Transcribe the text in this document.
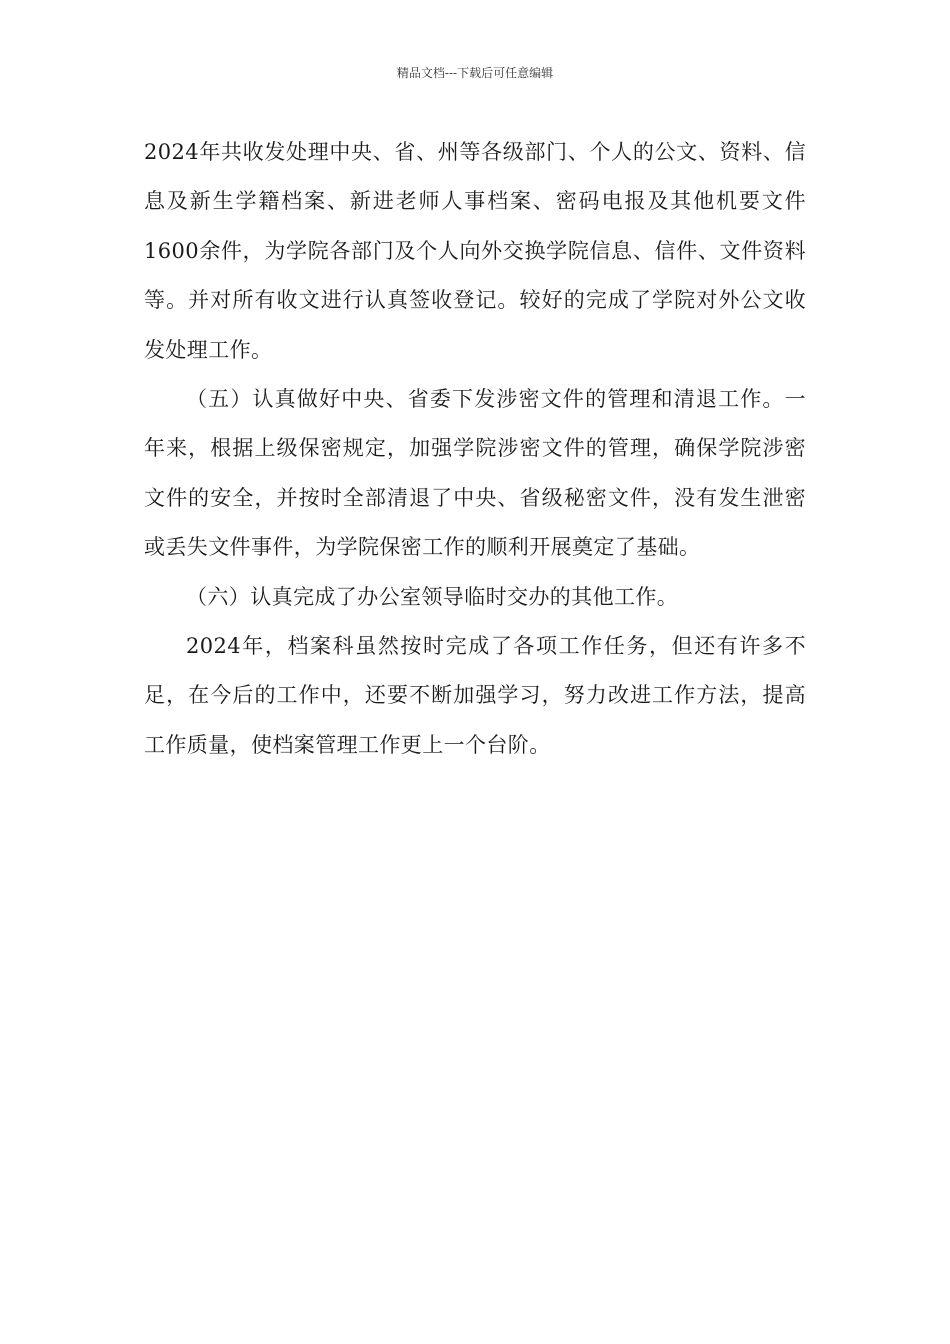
精品文档---下载后可任意编辑

2024年共收发处理中央、省、州等各级部门、个人的公文、资料、信息及新生学籍档案、新进老师人事档案、密码电报及其他机要文件1600余件，为学院各部门及个人向外交换学院信息、信件、文件资料等。并对所有收文进行认真签收登记。较好的完成了学院对外公文收发处理工作。

（五）认真做好中央、省委下发涉密文件的管理和清退工作。一年来，根据上级保密规定，加强学院涉密文件的管理，确保学院涉密文件的安全，并按时全部清退了中央、省级秘密文件，没有发生泄密或丢失文件事件，为学院保密工作的顺利开展奠定了基础。

（六）认真完成了办公室领导临时交办的其他工作。

2024年，档案科虽然按时完成了各项工作任务，但还有许多不足，在今后的工作中，还要不断加强学习，努力改进工作方法，提高工作质量，使档案管理工作更上一个台阶。
